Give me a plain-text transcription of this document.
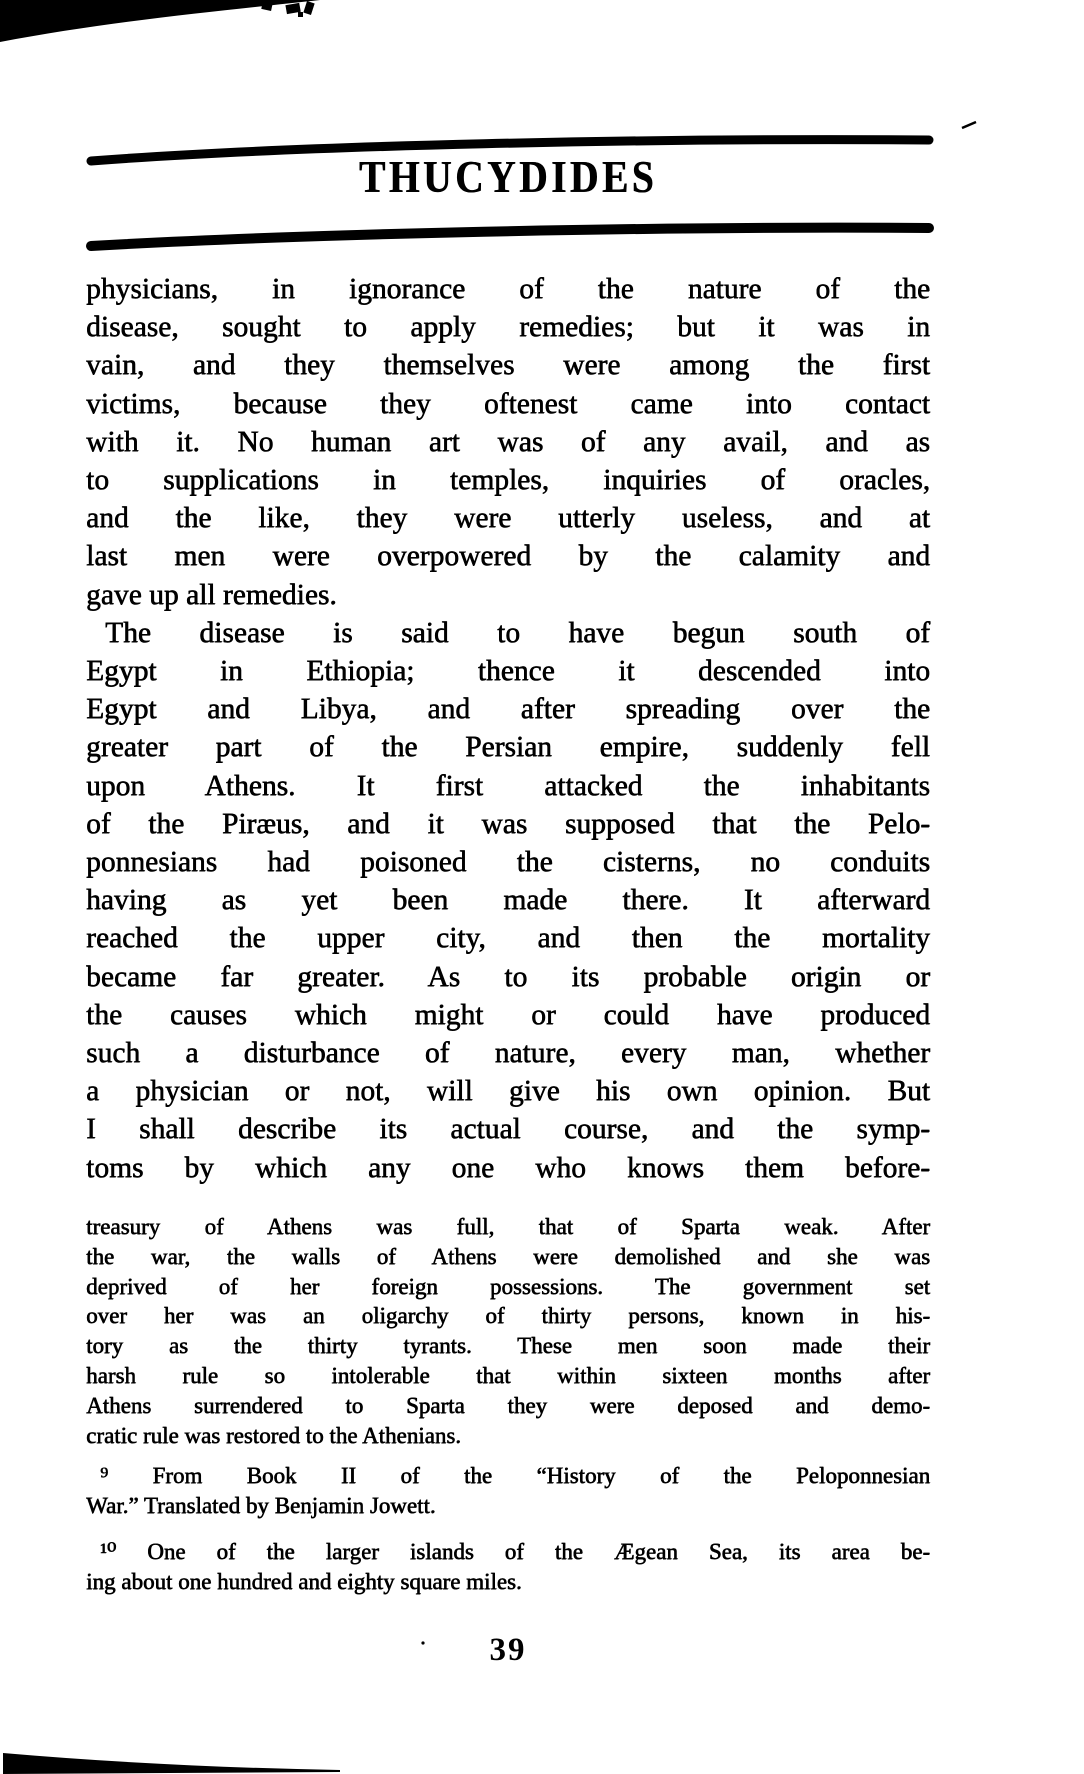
THUCYDIDES
physicians, in ignorance of the nature of the
disease, sought to apply remedies; but it was in
vain, and they themselves were among the first
victims, because they oftenest came into contact
with it. No human art was of any avail, and as
to supplications in temples, inquiries of oracles,
and the like, they were utterly useless, and at
last men were overpowered by the calamity and
gave up all remedies.
The disease is said to have begun south of
Egypt in Ethiopia; thence it descended into
Egypt and Libya, and after spreading over the
greater part of the Persian empire, suddenly fell
upon Athens. It first attacked the inhabitants
of the Piræus, and it was supposed that the Pelo-
ponnesians had poisoned the cisterns, no conduits
having as yet been made there. It afterward
reached the upper city, and then the mortality
became far greater. As to its probable origin or
the causes which might or could have produced
such a disturbance of nature, every man, whether
a physician or not, will give his own opinion. But
I shall describe its actual course, and the symp-
toms by which any one who knows them before-
treasury of Athens was full, that of Sparta weak. After
the war, the walls of Athens were demolished and she was
deprived of her foreign possessions. The government set
over her was an oligarchy of thirty persons, known in his-
tory as the thirty tyrants. These men soon made their
harsh rule so intolerable that within sixteen months after
Athens surrendered to Sparta they were deposed and demo-
cratic rule was restored to the Athenians.
⁹ From Book II of the “History of the Peloponnesian
War.” Translated by Benjamin Jowett.
¹⁰ One of the larger islands of the Ægean Sea, its area be-
ing about one hundred and eighty square miles.
39
